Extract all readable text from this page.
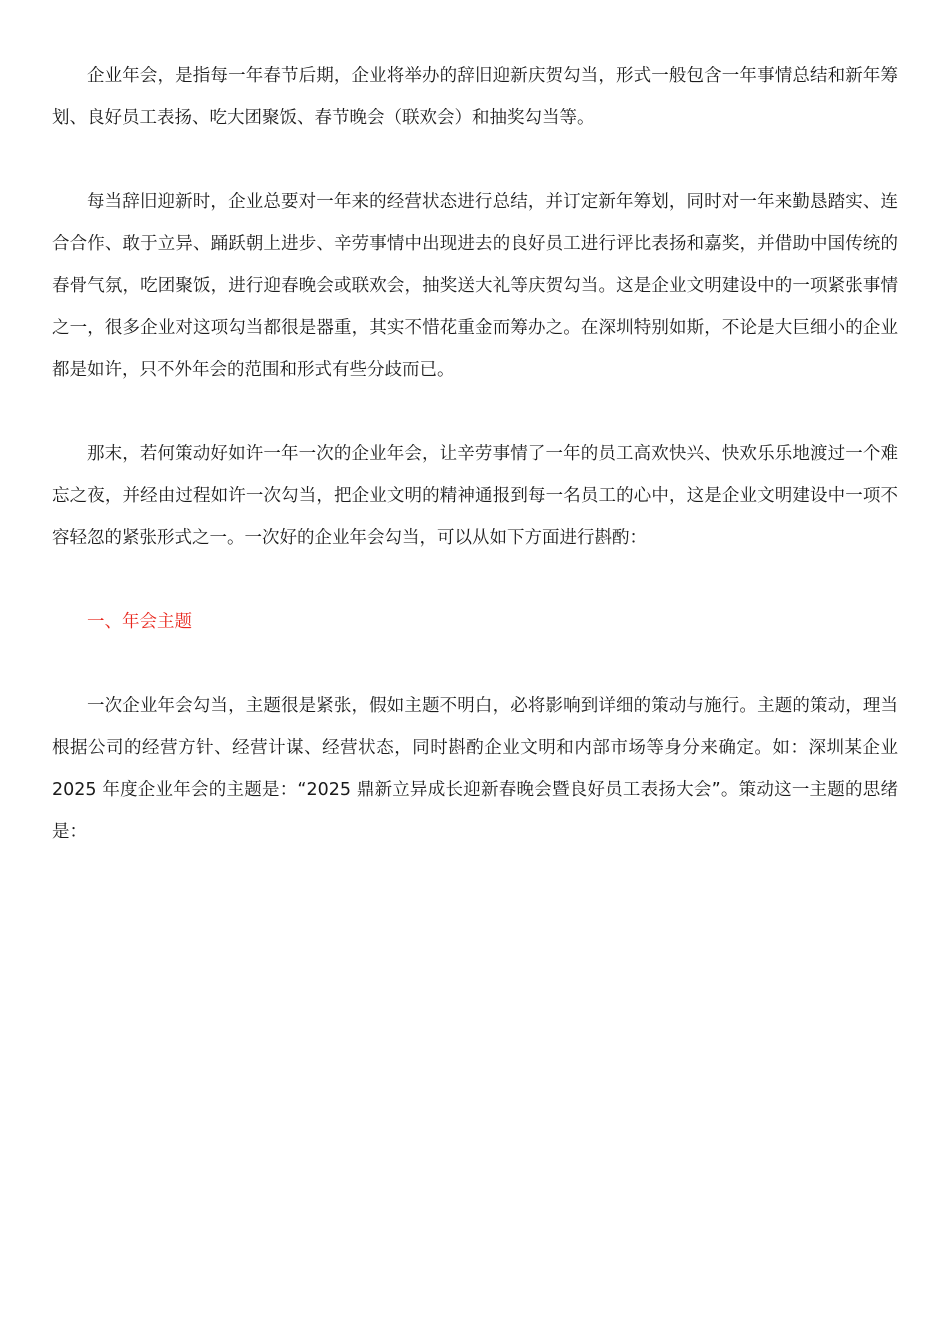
企业年会，是指每一年春节后期，企业将举办的辞旧迎新庆贺勾当，形式一般包含一年事情总结和新年筹划、良好员工表扬、吃大团聚饭、春节晚会（联欢会）和抽奖勾当等。

每当辞旧迎新时，企业总要对一年来的经营状态进行总结，并订定新年筹划，同时对一年来勤恳踏实、连合合作、敢于立异、踊跃朝上进步、辛劳事情中出现进去的良好员工进行评比表扬和嘉奖，并借助中国传统的春骨气氛，吃团聚饭，进行迎春晚会或联欢会，抽奖送大礼等庆贺勾当。这是企业文明建设中的一项紧张事情之一，很多企业对这项勾当都很是器重，其实不惜花重金而筹办之。在深圳特别如斯，不论是大巨细小的企业都是如许，只不外年会的范围和形式有些分歧而已。

那末，若何策动好如许一年一次的企业年会，让辛劳事情了一年的员工高欢快兴、快欢乐乐地渡过一个难忘之夜，并经由过程如许一次勾当，把企业文明的精神通报到每一名员工的心中，这是企业文明建设中一项不容轻忽的紧张形式之一。一次好的企业年会勾当，可以从如下方面进行斟酌：

一、年会主题

一次企业年会勾当，主题很是紧张，假如主题不明白，必将影响到详细的策动与施行。主题的策动，理当根据公司的经营方针、经营计谋、经营状态，同时斟酌企业文明和内部市场等身分来确定。如：深圳某企业 2025 年度企业年会的主题是：“2025 鼎新立异成长迎新春晚会暨良好员工表扬大会”。策动这一主题的思绪是：
